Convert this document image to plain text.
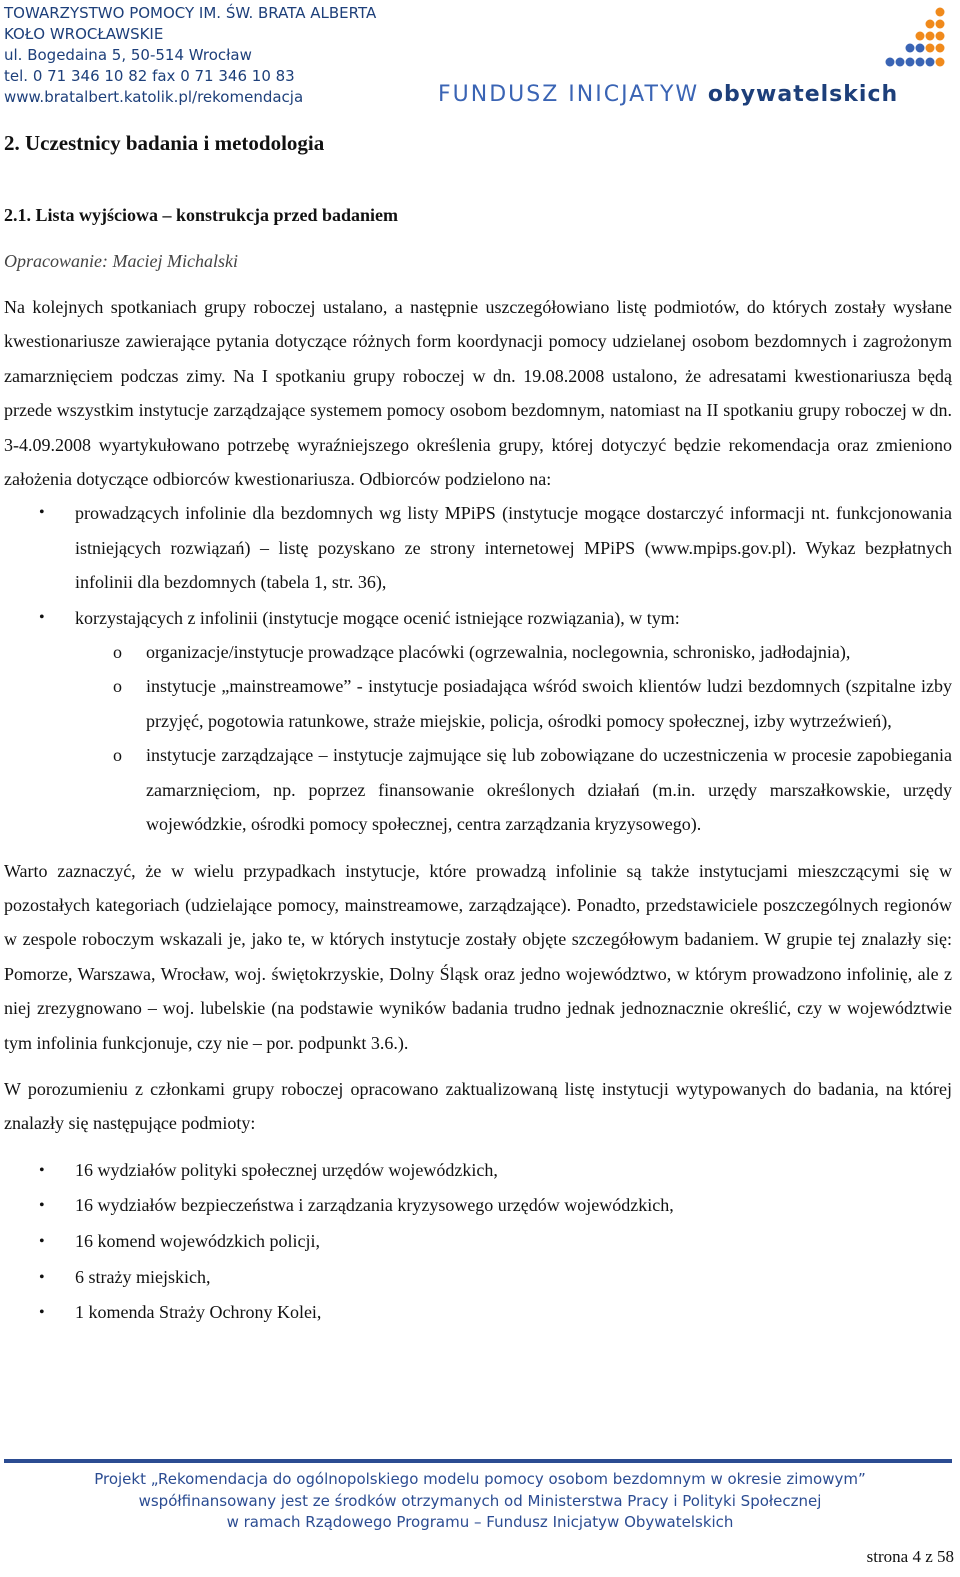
TOWARZYSTWO POMOCY IM. ŚW. BRATA ALBERTA
KOŁO WROCŁAWSKIE
ul. Bogedaina 5, 50-514 Wrocław
tel. 0 71 346 10 82 fax 0 71 346 10 83
www.bratalbert.katolik.pl/rekomendacja	FUNDUSZ INICJATYW obywatelskich
2. Uczestnicy badania i metodologia
2.1. Lista wyjściowa – konstrukcja przed badaniem
Opracowanie: Maciej Michalski

Na kolejnych spotkaniach grupy roboczej ustalano, a następnie uszczegółowiano listę podmiotów, do których zostały wysłane kwestionariusze zawierające pytania dotyczące różnych form koordynacji pomocy udzielanej osobom bezdomnych i zagrożonym zamarznięciem podczas zimy. Na I spotkaniu grupy roboczej w dn. 19.08.2008 ustalono, że adresatami kwestionariusza będą przede wszystkim instytucje zarządzające systemem pomocy osobom bezdomnym, natomiast na II spotkaniu grupy roboczej w dn. 3-4.09.2008 wyartykułowano potrzebę wyraźniejszego określenia grupy, której dotyczyć będzie rekomendacja oraz zmieniono założenia dotyczące odbiorców kwestionariusza. Odbiorców podzielono na:

• prowadzących infolinie dla bezdomnych wg listy MPiPS (instytucje mogące dostarczyć informacji nt. funkcjonowania istniejących rozwiązań) – listę pozyskano ze strony internetowej MPiPS (www.mpips.gov.pl). Wykaz bezpłatnych infolinii dla bezdomnych (tabela 1, str. 36),
• korzystających z infolinii (instytucje mogące ocenić istniejące rozwiązania), w tym:
o organizacje/instytucje prowadzące placówki (ogrzewalnia, noclegownia, schronisko, jadłodajnia),
o instytucje „mainstreamowe” - instytucje posiadająca wśród swoich klientów ludzi bezdomnych (szpitalne izby przyjęć, pogotowia ratunkowe, straże miejskie, policja, ośrodki pomocy społecznej, izby wytrzeźwień),
o instytucje zarządzające – instytucje zajmujące się lub zobowiązane do uczestniczenia w procesie zapobiegania zamarznięciom, np. poprzez finansowanie określonych działań (m.in. urzędy marszałkowskie, urzędy wojewódzkie, ośrodki pomocy społecznej, centra zarządzania kryzysowego).

Warto zaznaczyć, że w wielu przypadkach instytucje, które prowadzą infolinie są także instytucjami mieszczącymi się w pozostałych kategoriach (udzielające pomocy, mainstreamowe, zarządzające). Ponadto, przedstawiciele poszczególnych regionów w zespole roboczym wskazali je, jako te, w których instytucje zostały objęte szczegółowym badaniem. W grupie tej znalazły się: Pomorze, Warszawa, Wrocław, woj. świętokrzyskie, Dolny Śląsk oraz jedno województwo, w którym prowadzono infolinię, ale z niej zrezygnowano – woj. lubelskie (na podstawie wyników badania trudno jednak jednoznacznie określić, czy w województwie tym infolinia funkcjonuje, czy nie – por. podpunkt 3.6.).

W porozumieniu z członkami grupy roboczej opracowano zaktualizowaną listę instytucji wytypowanych do badania, na której znalazły się następujące podmioty:

• 16 wydziałów polityki społecznej urzędów wojewódzkich,
• 16 wydziałów bezpieczeństwa i zarządzania kryzysowego urzędów wojewódzkich,
• 16 komend wojewódzkich policji,
• 6 straży miejskich,
• 1 komenda Straży Ochrony Kolei,
Projekt „Rekomendacja do ogólnopolskiego modelu pomocy osobom bezdomnym w okresie zimowym”
współfinansowany jest ze środków otrzymanych od Ministerstwa Pracy i Polityki Społecznej
w ramach Rządowego Programu – Fundusz Inicjatyw Obywatelskich
strona 4 z 58
